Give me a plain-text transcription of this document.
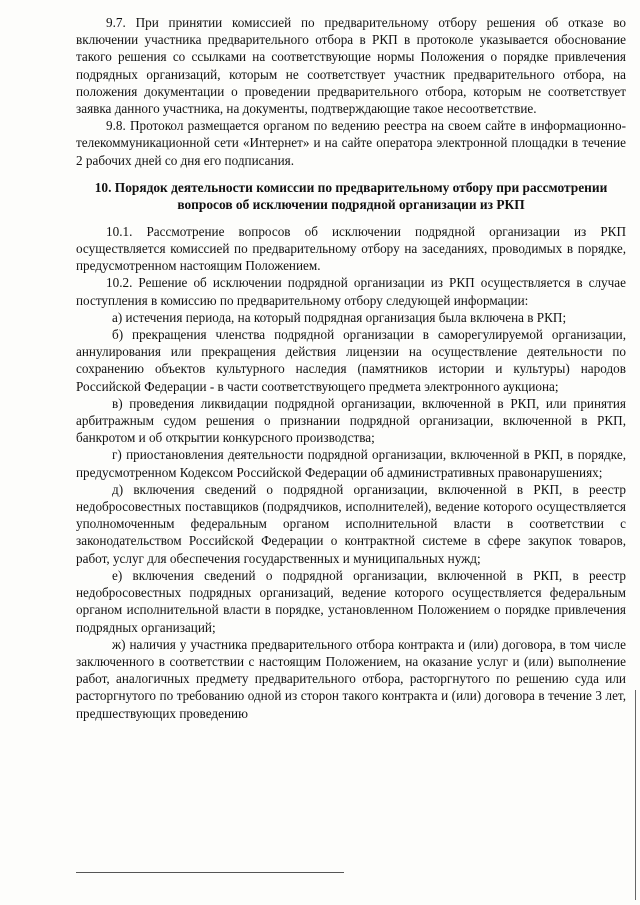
9.7. При принятии комиссией по предварительному отбору решения об отказе во включении участника предварительного отбора в РКП в протоколе указывается обоснование такого решения со ссылками на соответствующие нормы Положения о порядке привлечения подрядных организаций, которым не соответствует участник предварительного отбора, на положения документации о проведении предварительного отбора, которым не соответствует заявка данного участника, на документы, подтверждающие такое несоответствие.

9.8. Протокол размещается органом по ведению реестра на своем сайте в информационно-телекоммуникационной сети «Интернет» и на сайте оператора электронной площадки в течение 2 рабочих дней со дня его подписания.

10. Порядок деятельности комиссии по предварительному отбору при рассмотрении вопросов об исключении подрядной организации из РКП

10.1. Рассмотрение вопросов об исключении подрядной организации из РКП осуществляется комиссией по предварительному отбору на заседаниях, проводимых в порядке, предусмотренном настоящим Положением.

10.2. Решение об исключении подрядной организации из РКП осуществляется в случае поступления в комиссию по предварительному отбору следующей информации:

а) истечения периода, на который подрядная организация была включена в РКП;

б) прекращения членства подрядной организации в саморегулируемой организации, аннулирования или прекращения действия лицензии на осуществление деятельности по сохранению объектов культурного наследия (памятников истории и культуры) народов Российской Федерации - в части соответствующего предмета электронного аукциона;

в) проведения ликвидации подрядной организации, включенной в РКП, или принятия арбитражным судом решения о признании подрядной организации, включенной в РКП, банкротом и об открытии конкурсного производства;

г) приостановления деятельности подрядной организации, включенной в РКП, в порядке, предусмотренном Кодексом Российской Федерации об административных правонарушениях;

д) включения сведений о подрядной организации, включенной в РКП, в реестр недобросовестных поставщиков (подрядчиков, исполнителей), ведение которого осуществляется уполномоченным федеральным органом исполнительной власти в соответствии с законодательством Российской Федерации о контрактной системе в сфере закупок товаров, работ, услуг для обеспечения государственных и муниципальных нужд;

е) включения сведений о подрядной организации, включенной в РКП, в реестр недобросовестных подрядных организаций, ведение которого осуществляется федеральным органом исполнительной власти в порядке, установленном Положением о порядке привлечения подрядных организаций;

ж) наличия у участника предварительного отбора контракта и (или) договора, в том числе заключенного в соответствии с настоящим Положением, на оказание услуг и (или) выполнение работ, аналогичных предмету предварительного отбора, расторгнутого по решению суда или расторгнутого по требованию одной из сторон такого контракта и (или) договора в течение 3 лет, предшествующих проведению
